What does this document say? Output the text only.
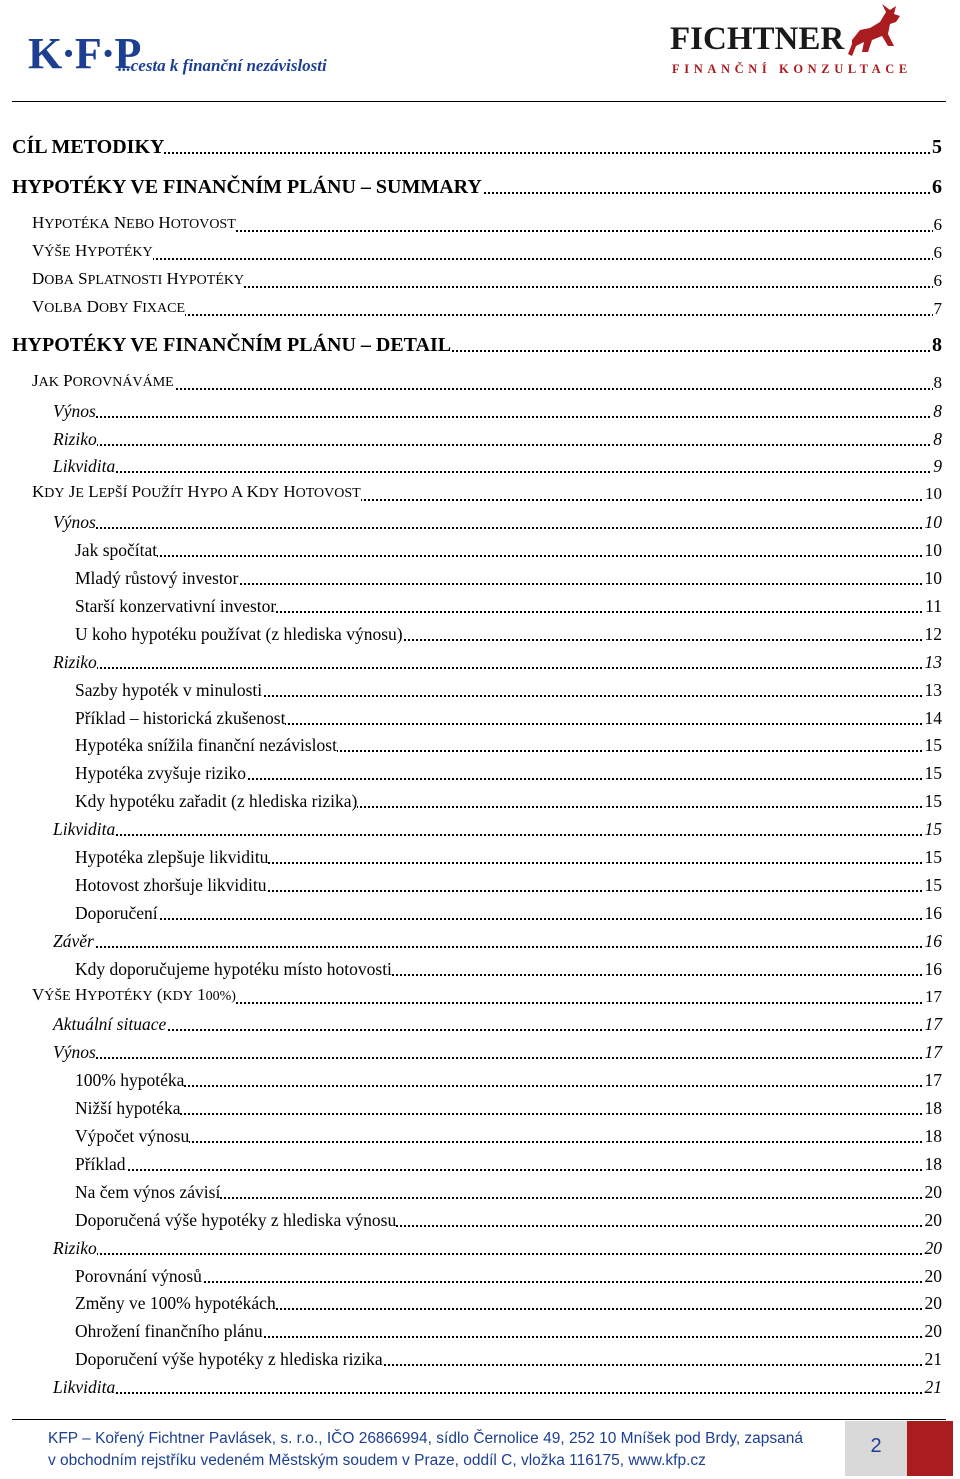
K·F·P
...cesta k finanční nezávislosti
FICHTNER
FINANČNÍ KONZULTACE
CÍL METODIKY	5
HYPOTÉKY VE FINANČNÍM PLÁNU – SUMMARY	6
HYPOTÉKA NEBO HOTOVOST	6
VÝŠE HYPOTÉKY	6
DOBA SPLATNOSTI HYPOTÉKY	6
VOLBA DOBY FIXACE	7
HYPOTÉKY VE FINANČNÍM PLÁNU – DETAIL	8
JAK POROVNÁVÁME	8
Výnos	8
Riziko	8
Likvidita	9
KDY JE LEPŠÍ POUŽÍT HYPO A KDY HOTOVOST	10
Výnos	10
Jak spočítat	10
Mladý růstový investor	10
Starší konzervativní investor	11
U koho hypotéku používat (z hlediska výnosu)	12
Riziko	13
Sazby hypoték v minulosti	13
Příklad – historická zkušenost	14
Hypotéka snížila finanční nezávislost	15
Hypotéka zvyšuje riziko	15
Kdy hypotéku zařadit (z hlediska rizika)	15
Likvidita	15
Hypotéka zlepšuje likviditu	15
Hotovost zhoršuje likviditu	15
Doporučení	16
Závěr	16
Kdy doporučujeme hypotéku místo hotovosti	16
VÝŠE HYPOTÉKY (KDY 100%)	17
Aktuální situace	17
Výnos	17
100% hypotéka	17
Nižší hypotéka	18
Výpočet výnosu	18
Příklad	18
Na čem výnos závisí	20
Doporučená výše hypotéky z hlediska výnosu	20
Riziko	20
Porovnání výnosů	20
Změny ve 100% hypotékách	20
Ohrožení finančního plánu	20
Doporučení výše hypotéky z hlediska rizika	21
Likvidita	21
KFP – Kořený Fichtner Pavlásek, s. r.o., IČO 26866994, sídlo Černolice 49, 252 10 Mníšek pod Brdy, zapsaná
v obchodním rejstříku vedeném Městským soudem v Praze, oddíl C, vložka 116175, www.kfp.cz
2
